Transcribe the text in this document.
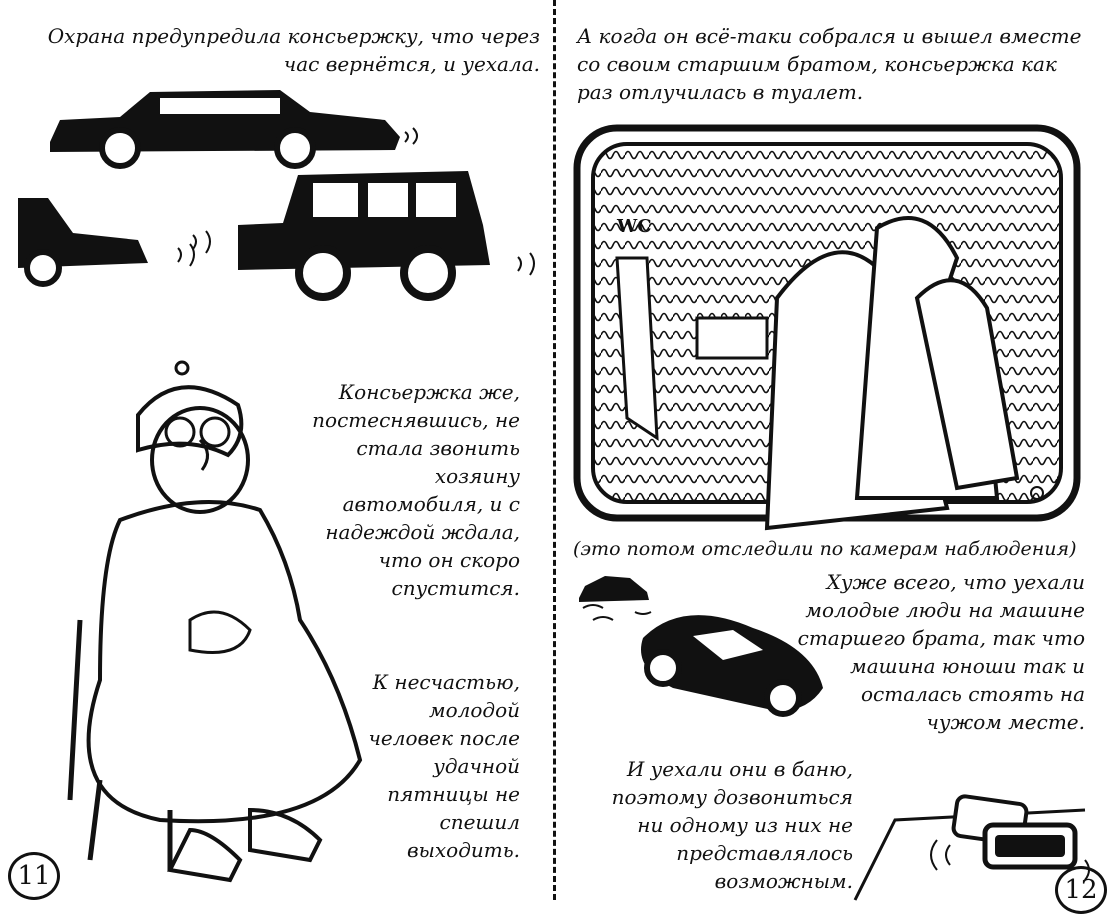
Охрана предупредила консьержку, что через
час вернётся, и уехала.
Консьержка же,
постеснявшись, не
стала звонить
хозяину
автомобиля, и с
надеждой ждала,
что он скоро
спустится.
К несчастью,
молодой
человек после
удачной
пятницы не
спешил
выходить.
11
А когда он всё-таки собрался и вышел вместе
со своим старшим братом, консьержка как
раз отлучилась в туалет.
WC
(это потом отследили по камерам наблюдения)
Хуже всего, что уехали
молодые люди на машине
старшего брата, так что
машина юноши так и
осталась стоять на
чужом месте.
И уехали они в баню,
поэтому дозвониться
ни одному из них не
представлялось
возможным.	12
